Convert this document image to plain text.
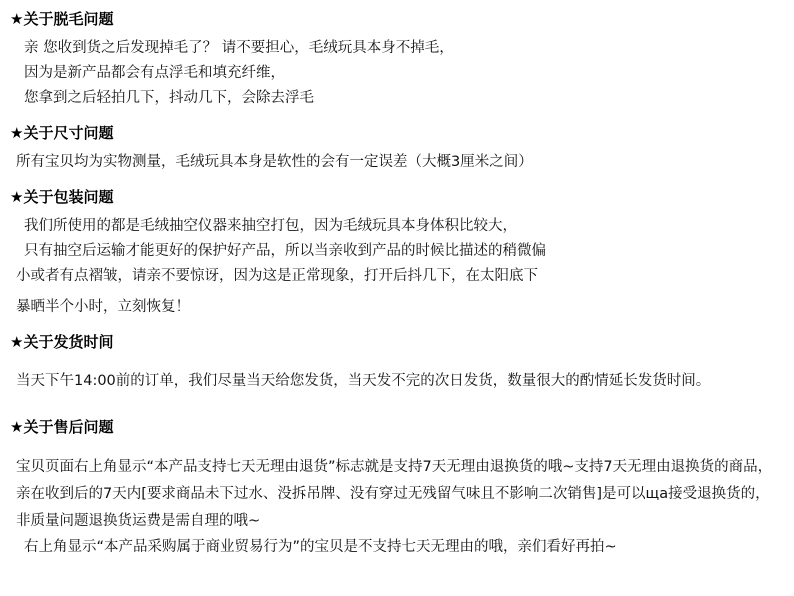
★关于脱毛问题
亲 您收到货之后发现掉毛了？ 请不要担心，毛绒玩具本身不掉毛，
因为是新产品都会有点浮毛和填充纤维，
您拿到之后轻拍几下，抖动几下，会除去浮毛
★关于尺寸问题
所有宝贝均为实物测量，毛绒玩具本身是软性的会有一定误差（大概3厘米之间）
★关于包装问题
我们所使用的都是毛绒抽空仪器来抽空打包，因为毛绒玩具本身体积比较大，
只有抽空后运输才能更好的保护好产品，所以当亲收到产品的时候比描述的稍微偏
小或者有点褶皱，请亲不要惊讶，因为这是正常现象，打开后抖几下，在太阳底下
暴晒半个小时，立刻恢复！
★关于发货时间
当天下午14:00前的订单，我们尽量当天给您发货，当天发不完的次日发货，数量很大的酌情延长发货时间。
★关于售后问题
宝贝页面右上角显示“本产品支持七天无理由退货”标志就是支持7天无理由退换货的哦~支持7天无理由退换货的商品，亲在收到后的7天内[要求商品未下过水、没拆吊牌、没有穿过无残留气味且不影响二次销售]是可以ща接受退换货的，非质量问题退换货运费是需自理的哦~
右上角显示“本产品采购属于商业贸易行为”的宝贝是不支持七天无理由的哦，亲们看好再拍~
